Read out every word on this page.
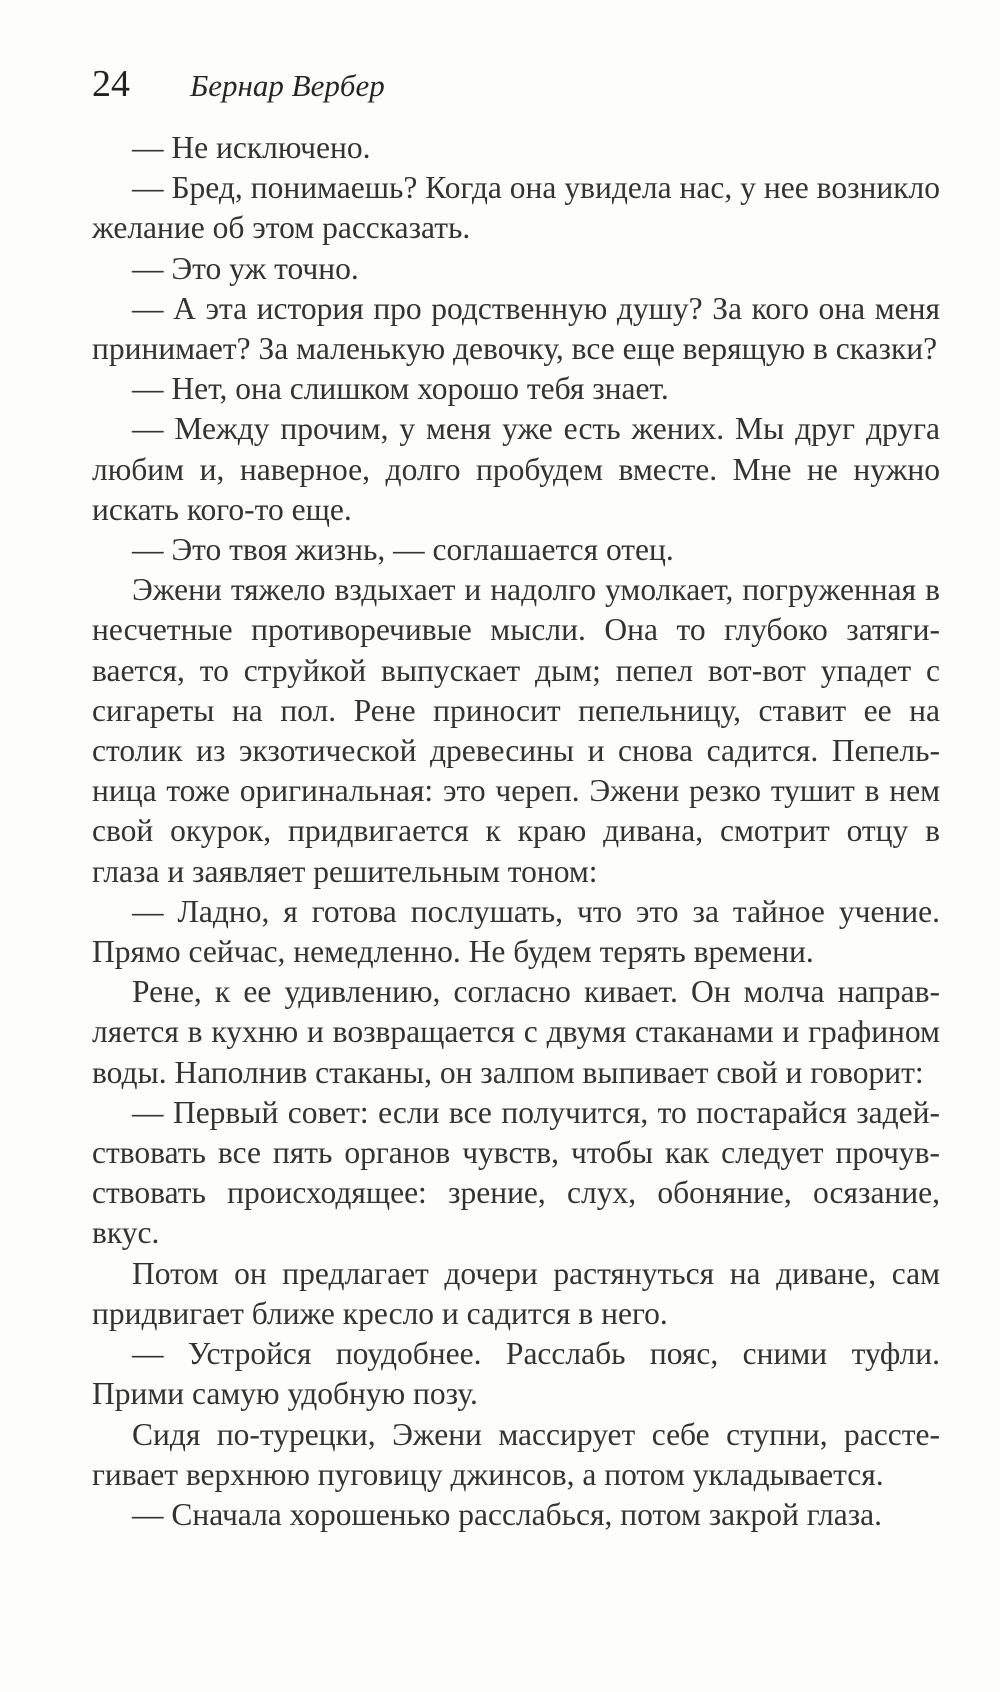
24	Бернар Вербер

— Не исключено.

— Бред, понимаешь? Когда она увидела нас, у нее возникло желание об этом рассказать.

— Это уж точно.

— А эта история про родственную душу? За кого она меня принимает? За маленькую девочку, все еще верящую в сказки?

— Нет, она слишком хорошо тебя знает.

— Между прочим, у меня уже есть жених. Мы друг друга любим и, наверное, долго пробудем вместе. Мне не нужно искать кого-то еще.

— Это твоя жизнь, — соглашается отец.

Эжени тяжело вздыхает и надолго умолкает, погруженная в несчетные противоречивые мысли. Она то глубоко затягивается, то струйкой выпускает дым; пепел вот-вот упадет с сигареты на пол. Рене приносит пепельницу, ставит ее на столик из экзотической древесины и снова садится. Пепельница тоже оригинальная: это череп. Эжени резко тушит в нем свой окурок, придвигается к краю дивана, смотрит отцу в глаза и заявляет решительным тоном:

— Ладно, я готова послушать, что это за тайное учение. Прямо сейчас, немедленно. Не будем терять времени.

Рене, к ее удивлению, согласно кивает. Он молча направляется в кухню и возвращается с двумя стаканами и графином воды. Наполнив стаканы, он залпом выпивает свой и говорит:

— Первый совет: если все получится, то постарайся задействовать все пять органов чувств, чтобы как следует прочувствовать происходящее: зрение, слух, обоняние, осязание, вкус.

Потом он предлагает дочери растянуться на диване, сам придвигает ближе кресло и садится в него.

— Устройся поудобнее. Расслабь пояс, сними туфли. Прими самую удобную позу.

Сидя по-турецки, Эжени массирует себе ступни, расстегивает верхнюю пуговицу джинсов, а потом укладывается.

— Сначала хорошенько расслабься, потом закрой глаза.
